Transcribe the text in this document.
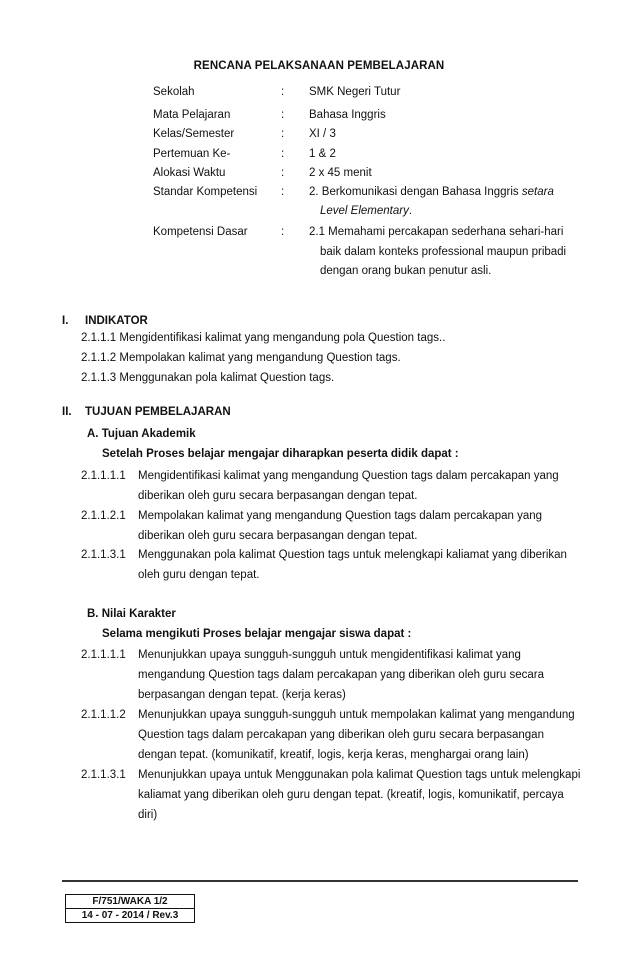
RENCANA PELAKSANAAN PEMBELAJARAN
Sekolah	: SMK Negeri Tutur
Mata Pelajaran	: Bahasa Inggris
Kelas/Semester	: XI / 3
Pertemuan Ke-	: 1 & 2
Alokasi Waktu	: 2 x 45 menit
Standar Kompetensi : 2. Berkomunikasi dengan Bahasa Inggris setara
Level Elementary.
Kompetensi Dasar	: 2.1 Memahami percakapan sederhana sehari-hari
baik dalam konteks professional maupun pribadi
dengan orang bukan penutur asli.
I. INDIKATOR
2.1.1.1 Mengidentifikasi kalimat yang mengandung pola Question tags..
2.1.1.2 Mempolakan kalimat yang mengandung Question tags.
2.1.1.3 Menggunakan pola kalimat Question tags.
II. TUJUAN PEMBELAJARAN
A. Tujuan Akademik
Setelah Proses belajar mengajar diharapkan peserta didik dapat :
2.1.1.1.1 Mengidentifikasi kalimat yang mengandung Question tags dalam percakapan yang
diberikan oleh guru secara berpasangan dengan tepat.
2.1.1.2.1 Mempolakan kalimat yang mengandung Question tags dalam percakapan yang
diberikan oleh guru secara berpasangan dengan tepat.
2.1.1.3.1 Menggunakan pola kalimat Question tags untuk melengkapi kaliamat yang diberikan
oleh guru dengan tepat.
B. Nilai Karakter
Selama mengikuti Proses belajar mengajar siswa dapat :
2.1.1.1.1 Menunjukkan upaya sungguh-sungguh untuk mengidentifikasi kalimat yang
mengandung Question tags dalam percakapan yang diberikan oleh guru secara
berpasangan dengan tepat. (kerja keras)
2.1.1.1.2 Menunjukkan upaya sungguh-sungguh untuk mempolakan kalimat yang mengandung
Question tags dalam percakapan yang diberikan oleh guru secara berpasangan
dengan tepat. (komunikatif, kreatif, logis, kerja keras, menghargai orang lain)
2.1.1.3.1 Menunjukkan upaya untuk Menggunakan pola kalimat Question tags untuk melengkapi
kaliamat yang diberikan oleh guru dengan tepat. (kreatif, logis, komunikatif, percaya
diri)
F/751/WAKA 1/2
14 - 07 - 2014 / Rev.3
